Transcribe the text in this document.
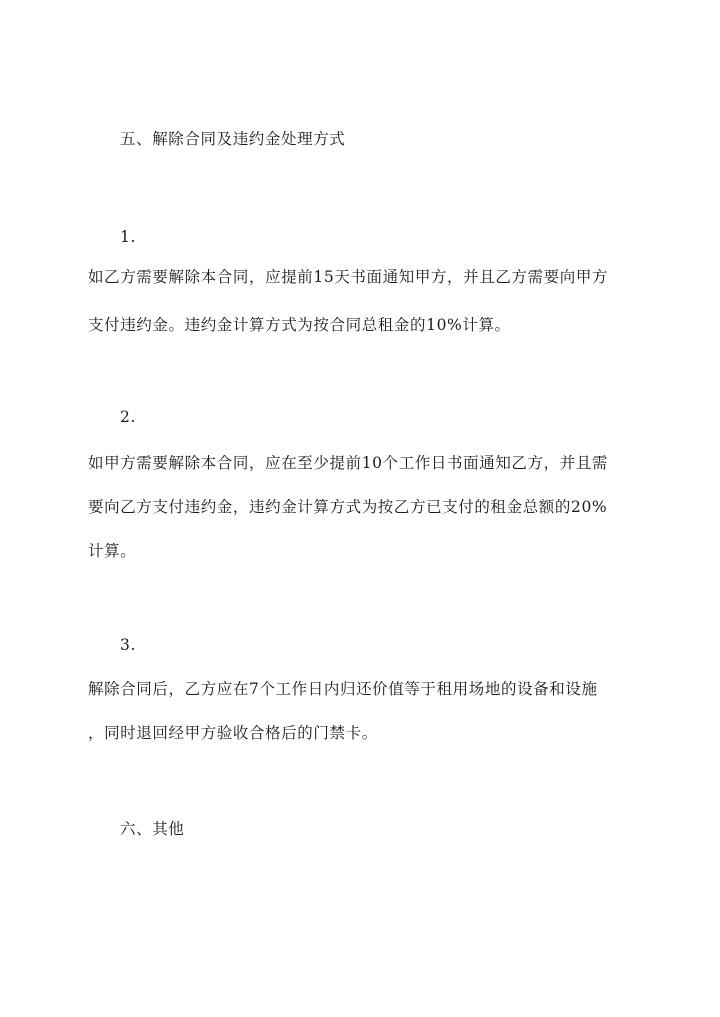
五、解除合同及违约金处理方式
1.
如乙方需要解除本合同，应提前15天书面通知甲方，并且乙方需要向甲方
支付违约金。违约金计算方式为按合同总租金的10%计算。
2.
如甲方需要解除本合同，应在至少提前10个工作日书面通知乙方，并且需
要向乙方支付违约金，违约金计算方式为按乙方已支付的租金总额的20%
计算。
3.
解除合同后，乙方应在7个工作日内归还价值等于租用场地的设备和设施
，同时退回经甲方验收合格后的门禁卡。
六、其他
